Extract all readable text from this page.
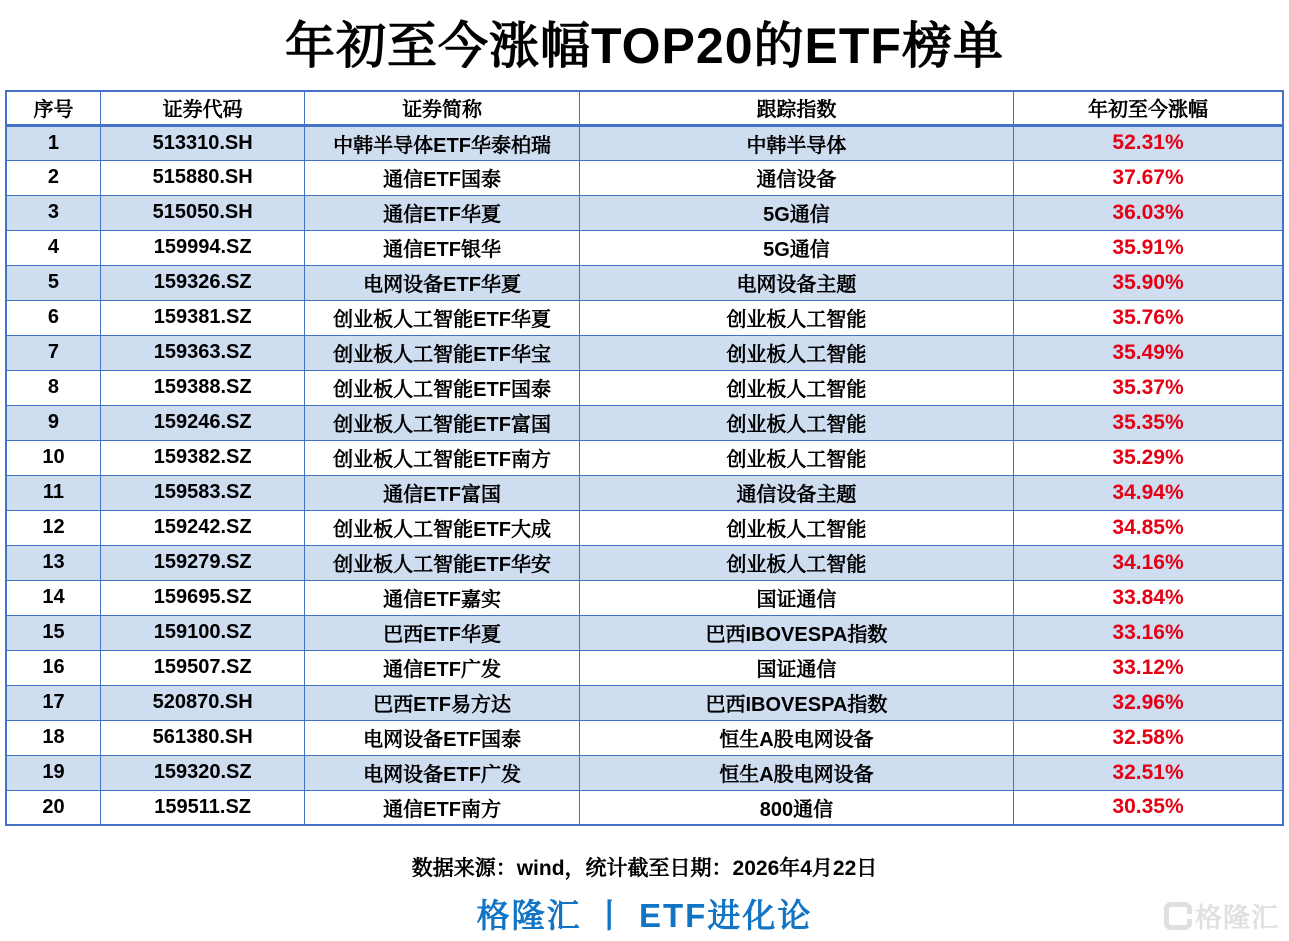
年初至今涨幅TOP20的ETF榜单
序号	证券代码	证券简称	跟踪指数	年初至今涨幅
1	513310.SH	中韩半导体ETF华泰柏瑞	中韩半导体	52.31%
2	515880.SH	通信ETF国泰	通信设备	37.67%
3	515050.SH	通信ETF华夏	5G通信	36.03%
4	159994.SZ	通信ETF银华	5G通信	35.91%
5	159326.SZ	电网设备ETF华夏	电网设备主题	35.90%
6	159381.SZ	创业板人工智能ETF华夏	创业板人工智能	35.76%
7	159363.SZ	创业板人工智能ETF华宝	创业板人工智能	35.49%
8	159388.SZ	创业板人工智能ETF国泰	创业板人工智能	35.37%
9	159246.SZ	创业板人工智能ETF富国	创业板人工智能	35.35%
10	159382.SZ	创业板人工智能ETF南方	创业板人工智能	35.29%
11	159583.SZ	通信ETF富国	通信设备主题	34.94%
12	159242.SZ	创业板人工智能ETF大成	创业板人工智能	34.85%
13	159279.SZ	创业板人工智能ETF华安	创业板人工智能	34.16%
14	159695.SZ	通信ETF嘉实	国证通信	33.84%
15	159100.SZ	巴西ETF华夏	巴西IBOVESPA指数	33.16%
16	159507.SZ	通信ETF广发	国证通信	33.12%
17	520870.SH	巴西ETF易方达	巴西IBOVESPA指数	32.96%
18	561380.SH	电网设备ETF国泰	恒生A股电网设备	32.58%
19	159320.SZ	电网设备ETF广发	恒生A股电网设备	32.51%
20	159511.SZ	通信ETF南方	800通信	30.35%
数据来源：wind，统计截至日期：2026年4月22日
格隆汇 丨 ETF进化论	格隆汇
